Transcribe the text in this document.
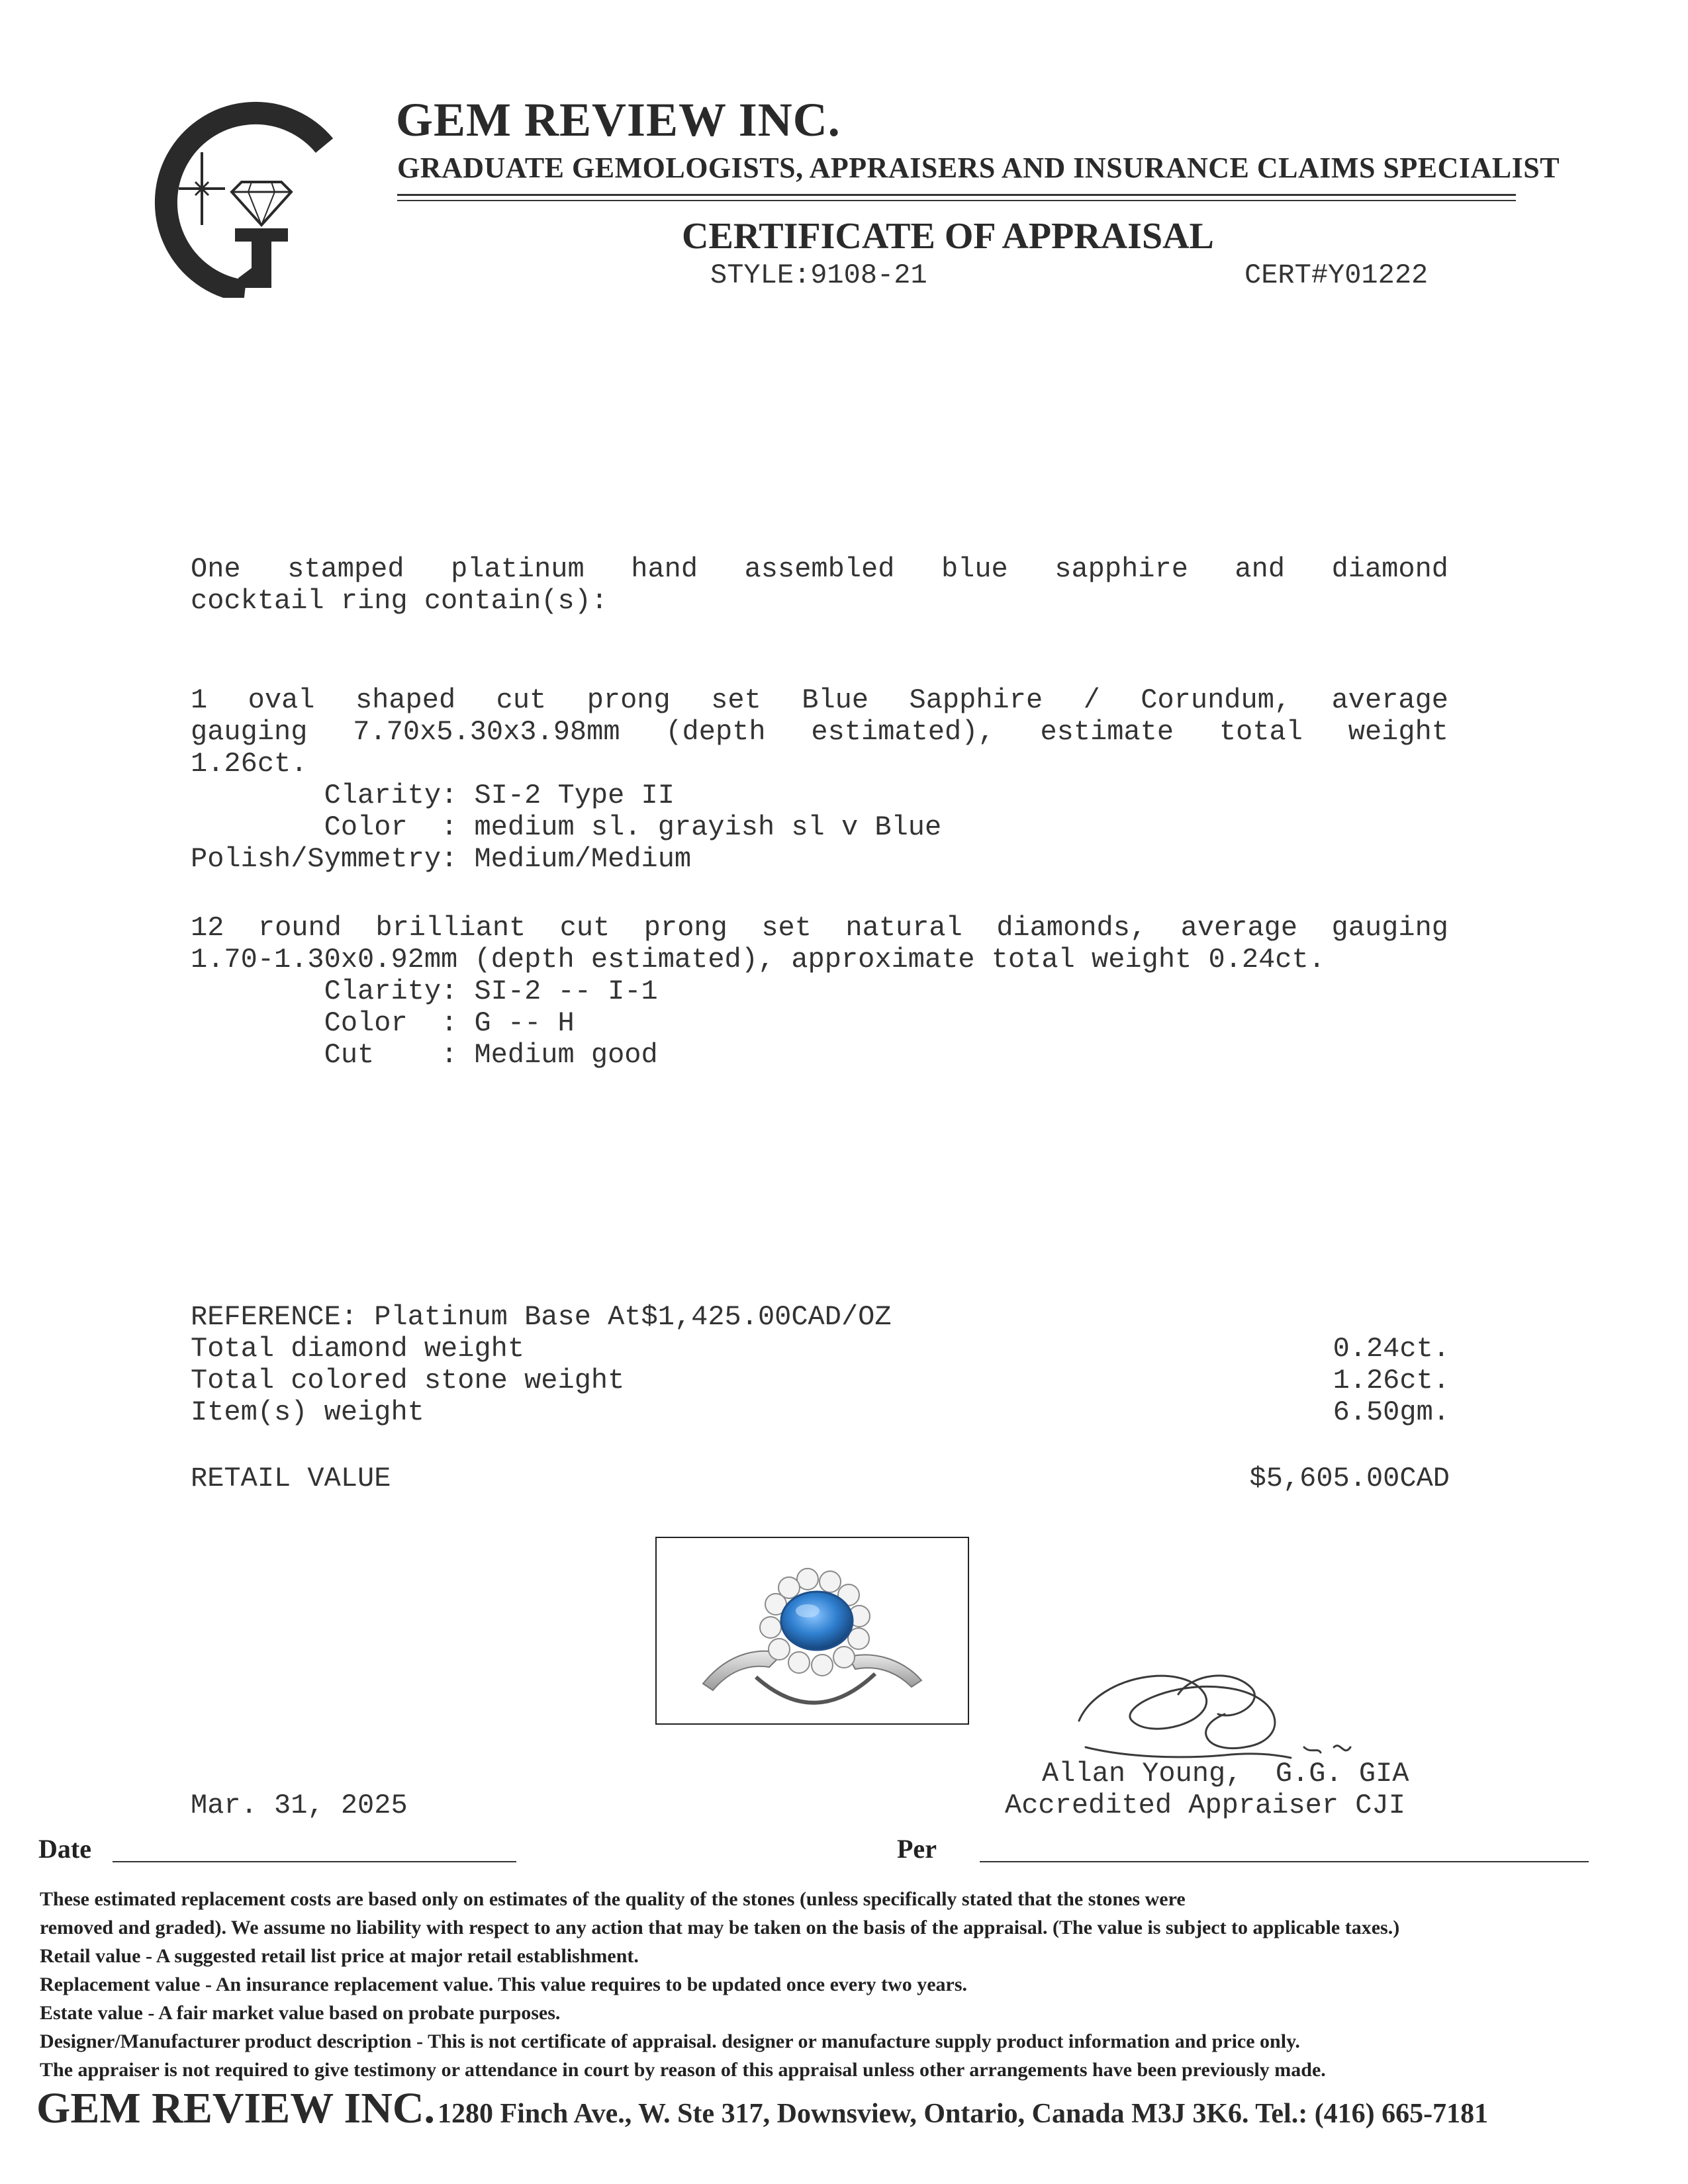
GEM REVIEW INC.
GRADUATE GEMOLOGISTS, APPRAISERS AND INSURANCE CLAIMS SPECIALIST
CERTIFICATE OF APPRAISAL
STYLE:9108-21	CERT#Y01222
One stamped platinum hand assembled blue sapphire and diamond
cocktail ring contain(s):
1 oval shaped cut prong set Blue Sapphire / Corundum, average
gauging 7.70x5.30x3.98mm (depth estimated), estimate total weight
1.26ct.
Clarity: SI-2 Type II
Color  : medium sl. grayish sl v Blue
Polish/Symmetry: Medium/Medium
12 round brilliant cut prong set natural diamonds, average gauging
1.70-1.30x0.92mm (depth estimated), approximate total weight 0.24ct.
Clarity: SI-2 -- I-1
Color  : G -- H
Cut    : Medium good
REFERENCE: Platinum Base At$1,425.00CAD/OZ
Total diamond weight	0.24ct.
Total colored stone weight	1.26ct.
Item(s) weight	6.50gm.
RETAIL VALUE	$5,605.00CAD
Allan Young,  G.G. GIA
Accredited Appraiser CJI
Mar. 31, 2025
Date	Per
These estimated replacement costs are based only on estimates of the quality of the stones (unless specifically stated that the stones were
removed and graded). We assume no liability with respect to any action that may be taken on the basis of the appraisal. (The value is subject to applicable taxes.)
Retail value - A suggested retail list price at major retail establishment.
Replacement value - An insurance replacement value. This value requires to be updated once every two years.
Estate value - A fair market value based on probate purposes.
Designer/Manufacturer product description - This is not certificate of appraisal. designer or manufacture supply product information and price only.
The appraiser is not required to give testimony or attendance in court by reason of this appraisal unless other arrangements have been previously made.
GEM REVIEW INC. 1280 Finch Ave., W. Ste 317, Downsview, Ontario, Canada M3J 3K6. Tel.: (416) 665-7181
